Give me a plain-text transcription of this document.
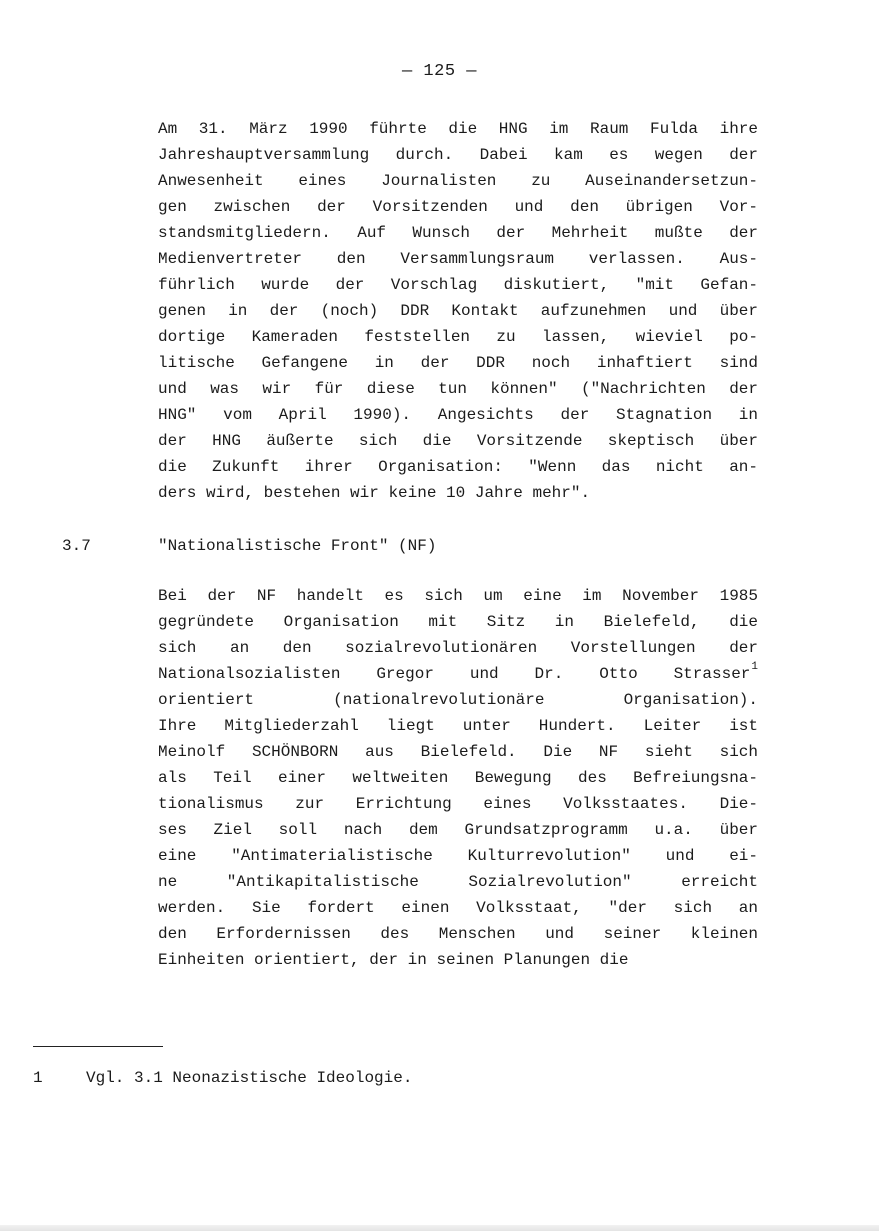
— 125 —
Am 31. März 1990 führte die HNG im Raum Fulda ihre
Jahreshauptversammlung durch. Dabei kam es wegen der
Anwesenheit eines Journalisten zu Auseinandersetzun-
gen zwischen der Vorsitzenden und den übrigen Vor-
standsmitgliedern. Auf Wunsch der Mehrheit mußte der
Medienvertreter den Versammlungsraum verlassen. Aus-
führlich wurde der Vorschlag diskutiert, "mit Gefan-
genen in der (noch) DDR Kontakt aufzunehmen und über
dortige Kameraden feststellen zu lassen, wieviel po-
litische Gefangene in der DDR noch inhaftiert sind
und was wir für diese tun können" ("Nachrichten der
HNG" vom April 1990). Angesichts der Stagnation in
der HNG äußerte sich die Vorsitzende skeptisch über
die Zukunft ihrer Organisation: "Wenn das nicht an-
ders wird, bestehen wir keine 10 Jahre mehr".
3.7	"Nationalistische Front" (NF)
Bei der NF handelt es sich um eine im November 1985
gegründete Organisation mit Sitz in Bielefeld, die
sich an den sozialrevolutionären Vorstellungen der
Nationalsozialisten Gregor und Dr. Otto Strasser$^1$
orientiert (nationalrevolutionäre Organisation).
Ihre Mitgliederzahl liegt unter Hundert. Leiter ist
Meinolf SCHÖNBORN aus Bielefeld. Die NF sieht sich
als Teil einer weltweiten Bewegung des Befreiungsna-
tionalismus zur Errichtung eines Volksstaates. Die-
ses Ziel soll nach dem Grundsatzprogramm u.a. über
eine "Antimaterialistische Kulturrevolution" und ei-
ne "Antikapitalistische Sozialrevolution" erreicht
werden. Sie fordert einen Volksstaat, "der sich an
den Erfordernissen des Menschen und seiner kleinen
Einheiten orientiert, der in seinen Planungen die
1	Vgl. 3.1 Neonazistische Ideologie.
